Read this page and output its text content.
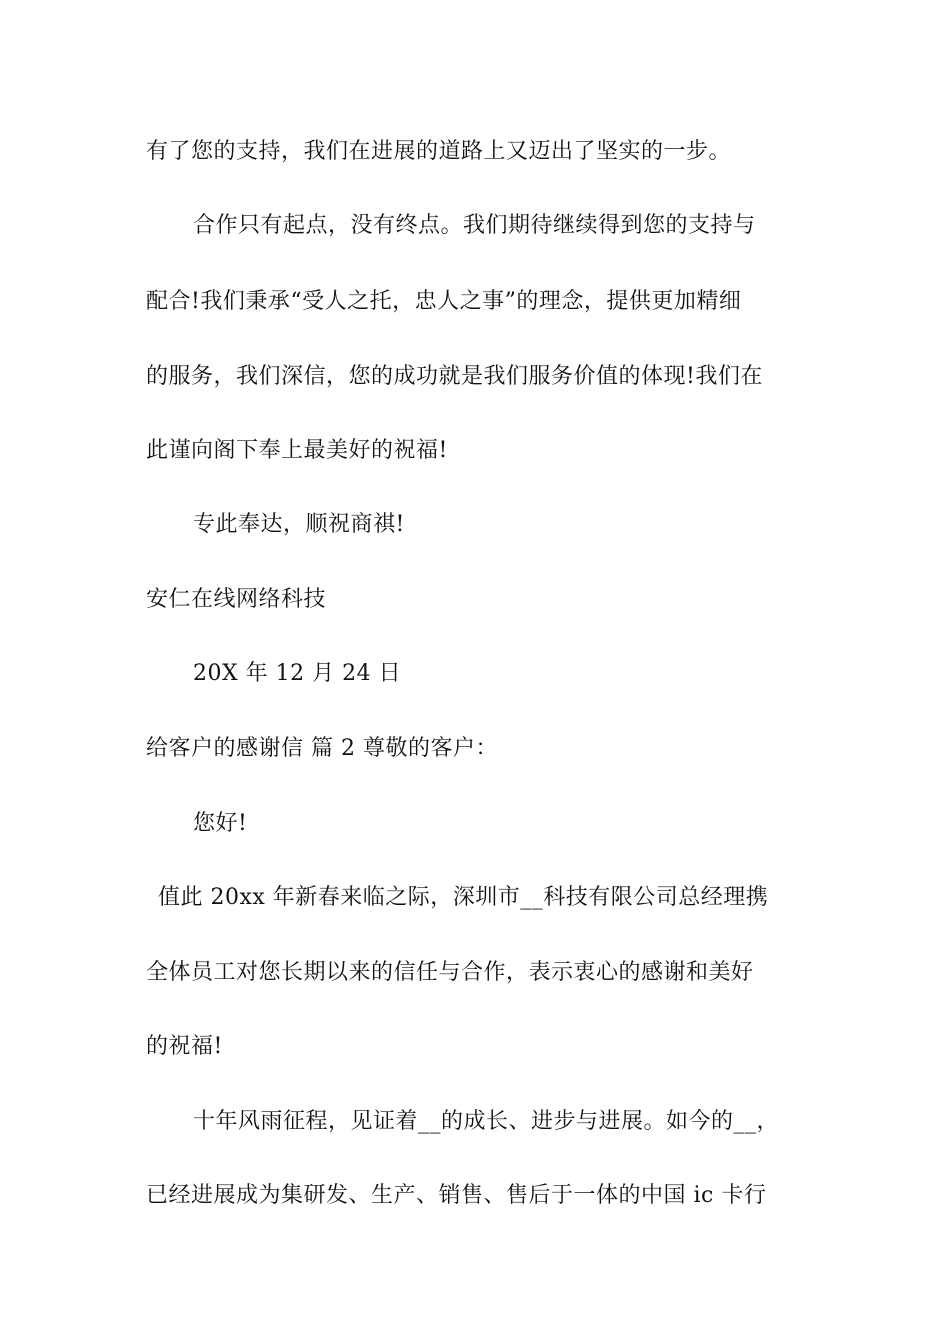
有了您的支持，我们在进展的道路上又迈出了坚实的一步。
合作只有起点，没有终点。我们期待继续得到您的支持与
配合!我们秉承“受人之托，忠人之事”的理念，提供更加精细
的服务，我们深信，您的成功就是我们服务价值的体现!我们在
此谨向阁下奉上最美好的祝福!
专此奉达，顺祝商祺!
安仁在线网络科技
20X 年 12 月 24 日
给客户的感谢信 篇 2 尊敬的客户：
您好!
值此 20xx 年新春来临之际，深圳市__科技有限公司总经理携
全体员工对您长期以来的信任与合作，表示衷心的感谢和美好
的祝福!
十年风雨征程，见证着__的成长、进步与进展。如今的__，
已经进展成为集研发、生产、销售、售后于一体的中国 ic 卡行
